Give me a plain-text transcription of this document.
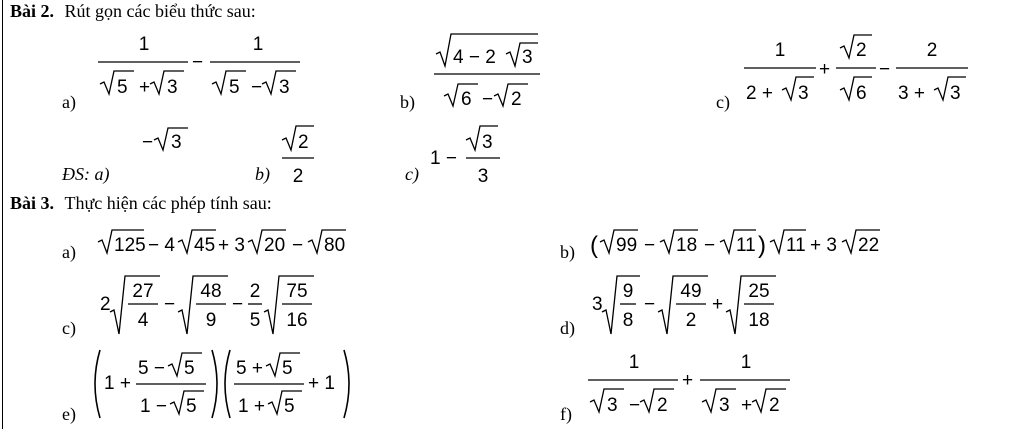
Bài 2. Rút gọn các biểu thức sau:
a)	b)	c)
1
5 + 3
−
1
5 − 3
4 − 2 3
6 − 2
1
2 + 3
+
2
6
−
2
3 + 3
ĐS: a)
− 3
b)
2
2	c)
1 −
3
3
Bài 3. Thực hiện các phép tính sau:
a)	b)
c)	d)
e)	f)
125 − 4 45 + 3 20 − 80	( 99 − 18 − 11 ) 11 + 3 22
2
27
4
−
48
9
−
2
5
75
16
3
9
8
−
49
2
+
25
18
1 +
5 − 5
1 − 5
5 + 5
1 + 5
+ 1
1
3 − 2
+
1
3 + 2
